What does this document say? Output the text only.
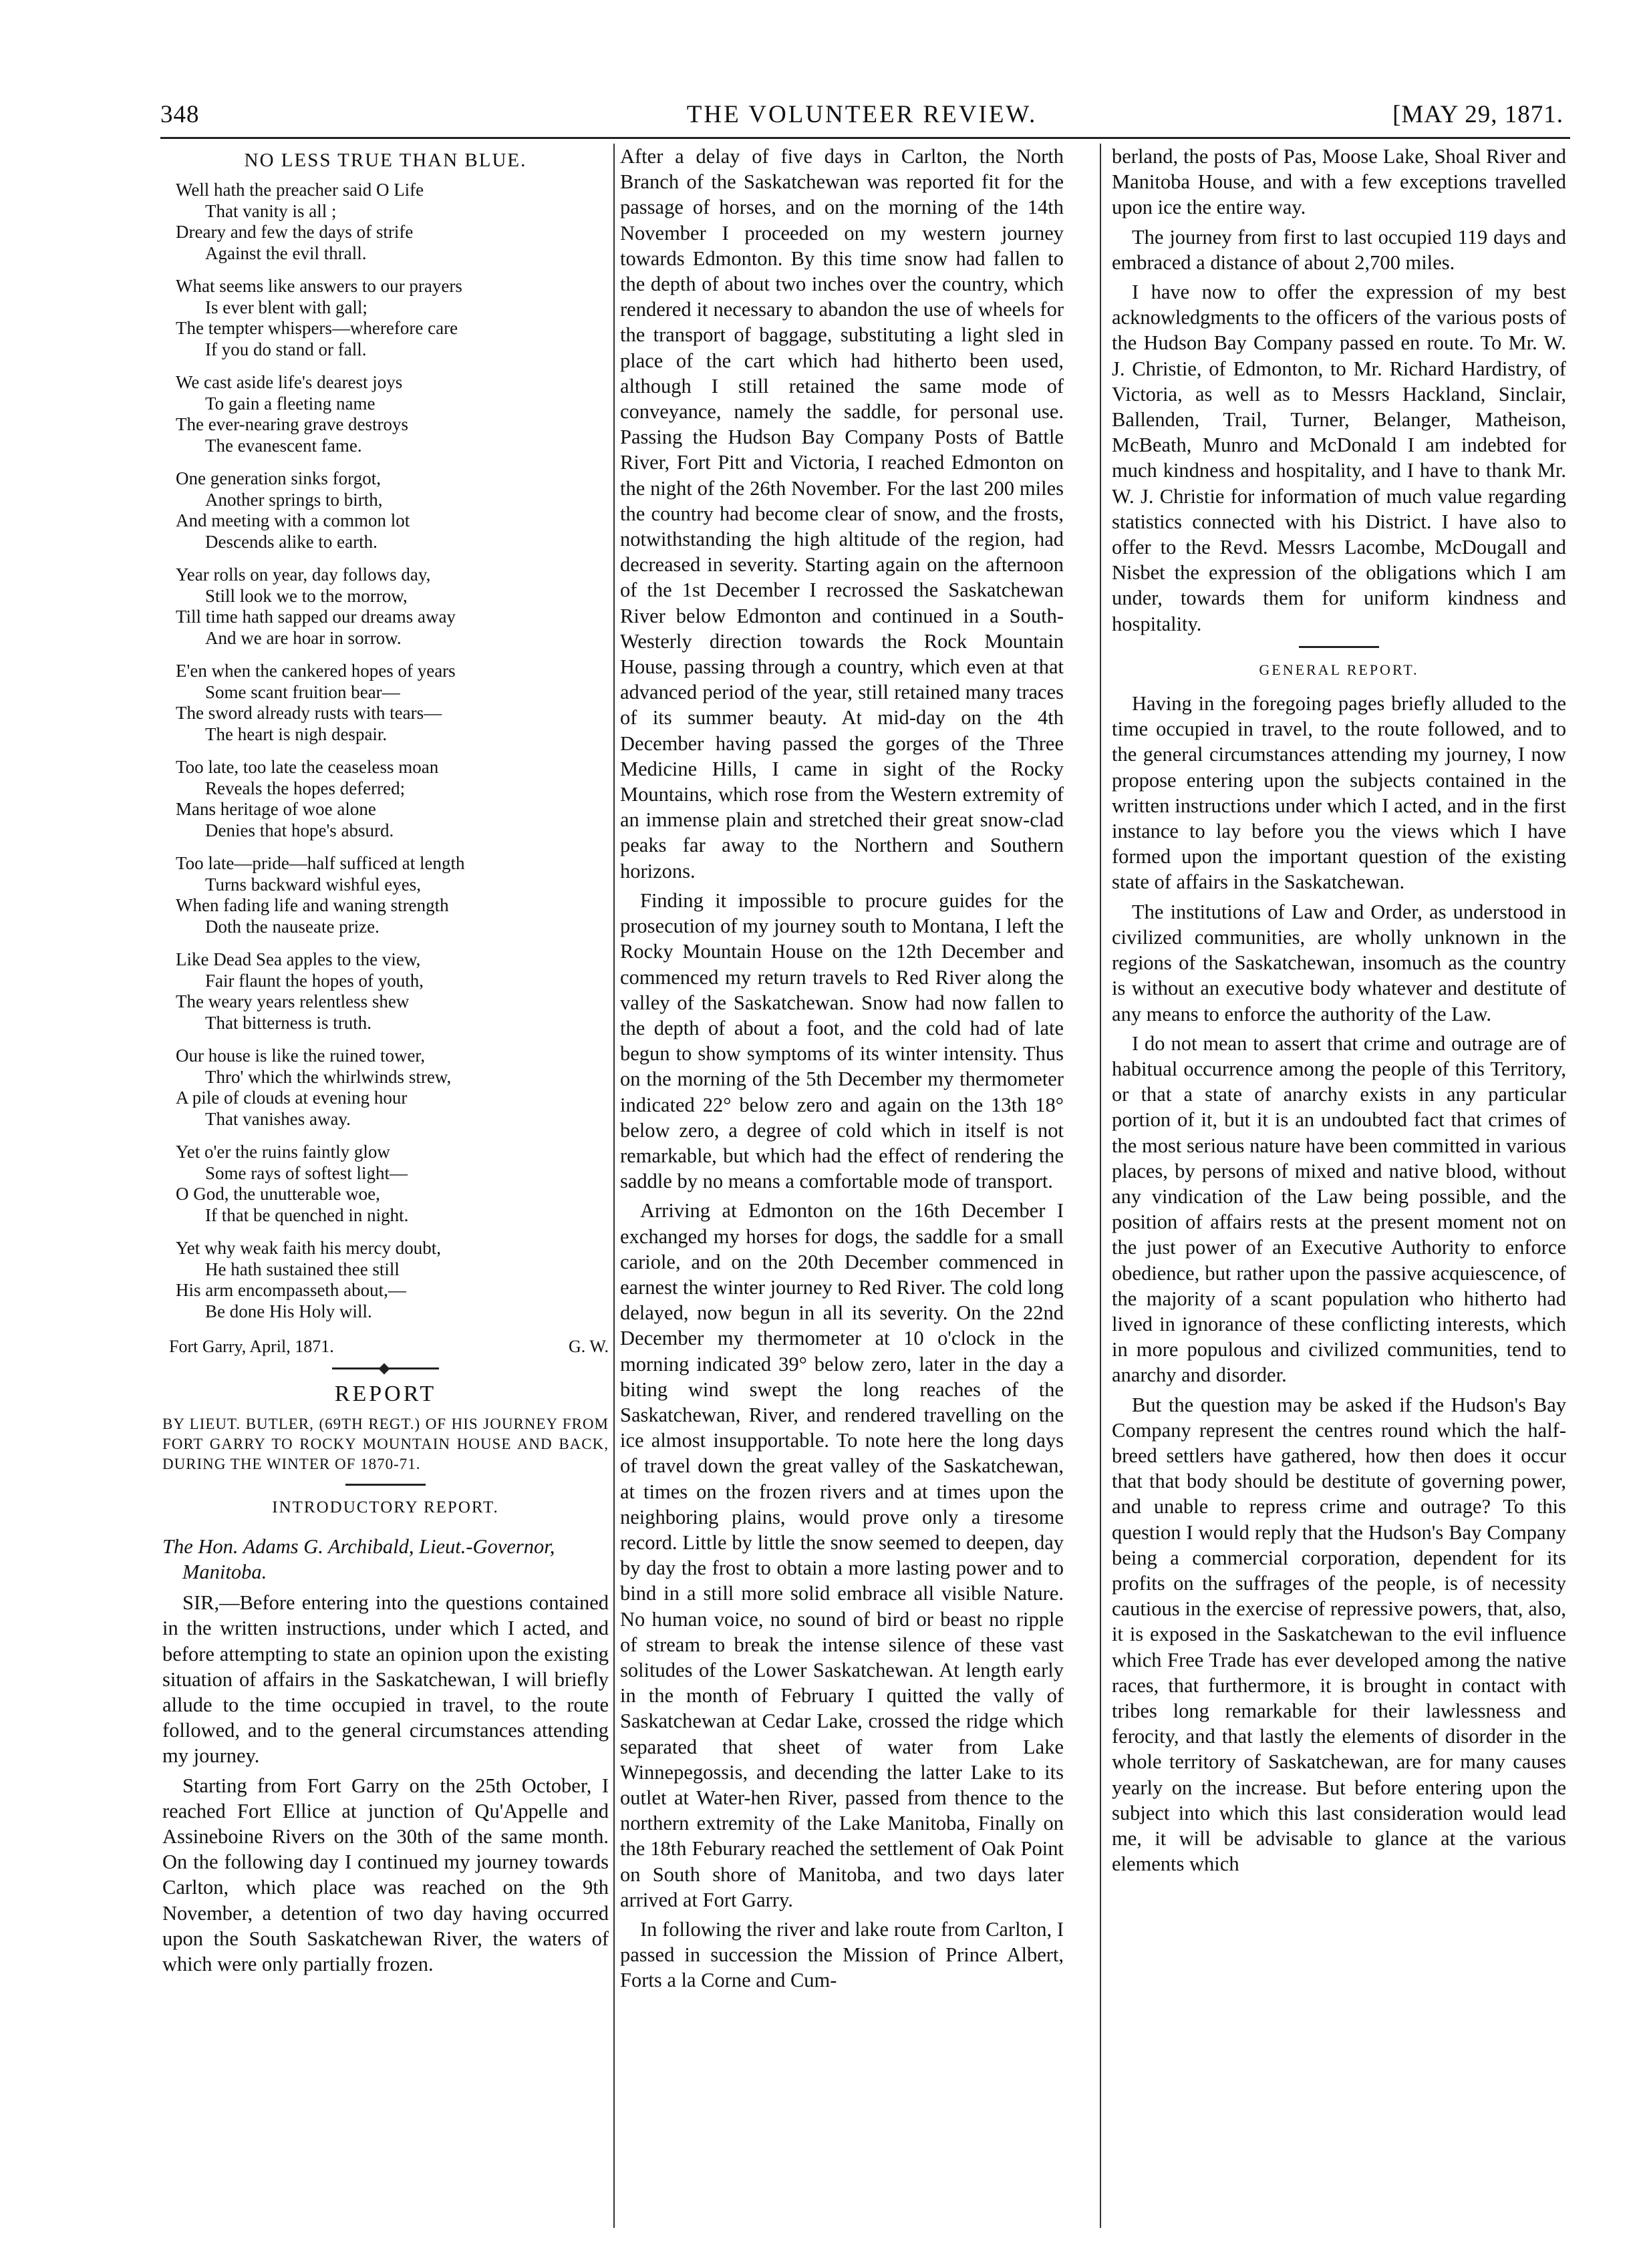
348	THE VOLUNTEER REVIEW.	[MAY 29, 1871.
NO LESS TRUE THAN BLUE.
Well hath the preacher said O Life
That vanity is all ;
Dreary and few the days of strife
Against the evil thrall.
What seems like answers to our prayers
Is ever blent with gall;
The tempter whispers—wherefore care
If you do stand or fall.
We cast aside life's dearest joys
To gain a fleeting name
The ever-nearing grave destroys
The evanescent fame.
One generation sinks forgot,
Another springs to birth,
And meeting with a common lot
Descends alike to earth.
Year rolls on year, day follows day,
Still look we to the morrow,
Till time hath sapped our dreams away
And we are hoar in sorrow.
E'en when the cankered hopes of years
Some scant fruition bear—
The sword already rusts with tears—
The heart is nigh despair.
Too late, too late the ceaseless moan
Reveals the hopes deferred;
Mans heritage of woe alone
Denies that hope's absurd.
Too late—pride—half sufficed at length
Turns backward wishful eyes,
When fading life and waning strength
Doth the nauseate prize.
Like Dead Sea apples to the view,
Fair flaunt the hopes of youth,
The weary years relentless shew
That bitterness is truth.
Our house is like the ruined tower,
Thro' which the whirlwinds strew,
A pile of clouds at evening hour
That vanishes away.
Yet o'er the ruins faintly glow
Some rays of softest light—
O God, the unutterable woe,
If that be quenched in night.
Yet why weak faith his mercy doubt,
He hath sustained thee still
His arm encompasseth about,—
Be done His Holy will.
Fort Garry, April, 1871.	G. W.
REPORT
BY LIEUT. BUTLER, (69TH REGT.) OF HIS JOURNEY FROM FORT GARRY TO ROCKY MOUNTAIN HOUSE AND BACK, DURING THE WINTER OF 1870-71.
INTRODUCTORY REPORT.
The Hon. Adams G. Archibald, Lieut.-Governor, Manitoba.

SIR,—Before entering into the questions contained in the written instructions, under which I acted, and before attempting to state an opinion upon the existing situation of affairs in the Saskatchewan, I will briefly allude to the time occupied in travel, to the route followed, and to the general circumstances attending my journey.

Starting from Fort Garry on the 25th October, I reached Fort Ellice at junction of Qu'Appelle and Assineboine Rivers on the 30th of the same month. On the following day I continued my journey towards Carlton, which place was reached on the 9th November, a detention of two day having occurred upon the South Saskatchewan River, the waters of which were only partially frozen.

After a delay of five days in Carlton, the North Branch of the Saskatchewan was reported fit for the passage of horses, and on the morning of the 14th November I proceeded on my western journey towards Edmonton. By this time snow had fallen to the depth of about two inches over the country, which rendered it necessary to abandon the use of wheels for the transport of baggage, substituting a light sled in place of the cart which had hitherto been used, although I still retained the same mode of conveyance, namely the saddle, for personal use. Passing the Hudson Bay Company Posts of Battle River, Fort Pitt and Victoria, I reached Edmonton on the night of the 26th November. For the last 200 miles the country had become clear of snow, and the frosts, notwithstanding the high altitude of the region, had decreased in severity. Starting again on the afternoon of the 1st December I recrossed the Saskatchewan River below Edmonton and continued in a South-Westerly direction towards the Rock Mountain House, passing through a country, which even at that advanced period of the year, still retained many traces of its summer beauty. At mid-day on the 4th December having passed the gorges of the Three Medicine Hills, I came in sight of the Rocky Mountains, which rose from the Western extremity of an immense plain and stretched their great snow-clad peaks far away to the Northern and Southern horizons.

Finding it impossible to procure guides for the prosecution of my journey south to Montana, I left the Rocky Mountain House on the 12th December and commenced my return travels to Red River along the valley of the Saskatchewan. Snow had now fallen to the depth of about a foot, and the cold had of late begun to show symptoms of its winter intensity. Thus on the morning of the 5th December my thermometer indicated 22° below zero and again on the 13th 18° below zero, a degree of cold which in itself is not remarkable, but which had the effect of rendering the saddle by no means a comfortable mode of transport.

Arriving at Edmonton on the 16th December I exchanged my horses for dogs, the saddle for a small cariole, and on the 20th December commenced in earnest the winter journey to Red River. The cold long delayed, now begun in all its severity. On the 22nd December my thermometer at 10 o'clock in the morning indicated 39° below zero, later in the day a biting wind swept the long reaches of the Saskatchewan, River, and rendered travelling on the ice almost insupportable. To note here the long days of travel down the great valley of the Saskatchewan, at times on the frozen rivers and at times upon the neighboring plains, would prove only a tiresome record. Little by little the snow seemed to deepen, day by day the frost to obtain a more lasting power and to bind in a still more solid embrace all visible Nature. No human voice, no sound of bird or beast no ripple of stream to break the intense silence of these vast solitudes of the Lower Saskatchewan. At length early in the month of February I quitted the vally of Saskatchewan at Cedar Lake, crossed the ridge which separated that sheet of water from Lake Winnepegossis, and decending the latter Lake to its outlet at Water-hen River, passed from thence to the northern extremity of the Lake Manitoba, Finally on the 18th Feburary reached the settlement of Oak Point on South shore of Manitoba, and two days later arrived at Fort Garry.

In following the river and lake route from Carlton, I passed in succession the Mission of Prince Albert, Forts a la Corne and Cum-

berland, the posts of Pas, Moose Lake, Shoal River and Manitoba House, and with a few exceptions travelled upon ice the entire way.

The journey from first to last occupied 119 days and embraced a distance of about 2,700 miles.

I have now to offer the expression of my best acknowledgments to the officers of the various posts of the Hudson Bay Company passed en route. To Mr. W. J. Christie, of Edmonton, to Mr. Richard Hardistry, of Victoria, as well as to Messrs Hackland, Sinclair, Ballenden, Trail, Turner, Belanger, Matheison, McBeath, Munro and McDonald I am indebted for much kindness and hospitality, and I have to thank Mr. W. J. Christie for information of much value regarding statistics connected with his District. I have also to offer to the Revd. Messrs Lacombe, McDougall and Nisbet the expression of the obligations which I am under, towards them for uniform kindness and hospitality.

GENERAL REPORT.

Having in the foregoing pages briefly alluded to the time occupied in travel, to the route followed, and to the general circumstances attending my journey, I now propose entering upon the subjects contained in the written instructions under which I acted, and in the first instance to lay before you the views which I have formed upon the important question of the existing state of affairs in the Saskatchewan.

The institutions of Law and Order, as understood in civilized communities, are wholly unknown in the regions of the Saskatchewan, insomuch as the country is without an executive body whatever and destitute of any means to enforce the authority of the Law.

I do not mean to assert that crime and outrage are of habitual occurrence among the people of this Territory, or that a state of anarchy exists in any particular portion of it, but it is an undoubted fact that crimes of the most serious nature have been committed in various places, by persons of mixed and native blood, without any vindication of the Law being possible, and the position of affairs rests at the present moment not on the just power of an Executive Authority to enforce obedience, but rather upon the passive acquiescence, of the majority of a scant population who hitherto had lived in ignorance of these conflicting interests, which in more populous and civilized communities, tend to anarchy and disorder.

But the question may be asked if the Hudson's Bay Company represent the centres round which the half-breed settlers have gathered, how then does it occur that that body should be destitute of governing power, and unable to repress crime and outrage? To this question I would reply that the Hudson's Bay Company being a commercial corporation, dependent for its profits on the suffrages of the people, is of necessity cautious in the exercise of repressive powers, that, also, it is exposed in the Saskatchewan to the evil influence which Free Trade has ever developed among the native races, that furthermore, it is brought in contact with tribes long remarkable for their lawlessness and ferocity, and that lastly the elements of disorder in the whole territory of Saskatchewan, are for many causes yearly on the increase. But before entering upon the subject into which this last consideration would lead me, it will be advisable to glance at the various elements which
